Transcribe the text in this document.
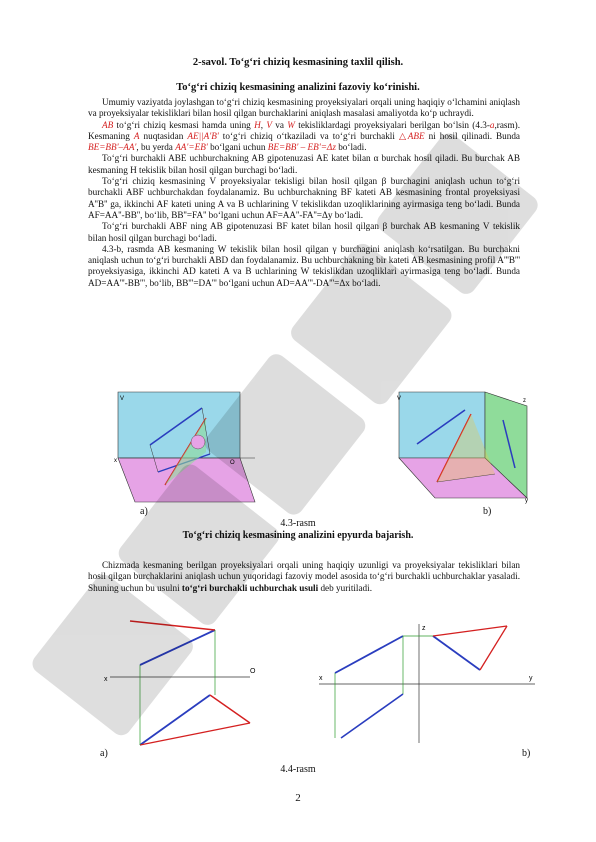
2-savol. To‘g‘ri chiziq kesmasining taxlil qilish.
To‘g‘ri chiziq kesmasining analizini fazoviy ko‘rinishi.

Umumiy vaziyatda joylashgan to‘g‘ri chiziq kesmasining proyeksiyalari orqali uning haqiqiy o‘lchamini aniqlash va proyeksiyalar tekisliklari bilan hosil qilgan burchaklarini aniqlash masalasi amaliyotda ko‘p uchraydi.

AB to‘g‘ri chiziq kesmasi hamda uning H, V va W tekisliklardagi proyeksiyalari berilgan bo‘lsin (4.3-a,rasm). Kesmaning A nuqtasidan AE||A'B' to‘g‘ri chiziq o‘tkaziladi va to‘g‘ri burchakli △ABE ni hosil qilinadi. Bunda BE=BB'–AA', bu yerda AA'=EB' bo‘lgani uchun BE=BB' – EB'=Δz bo‘ladi.

To‘g‘ri burchakli ABE uchburchakning AB gipotenuzasi AE katet bilan α burchak hosil qiladi. Bu burchak AB kesmaning H tekislik bilan hosil qilgan burchagi bo‘ladi.

To‘g‘ri chiziq kesmasining V proyeksiyalar tekisligi bilan hosil qilgan β burchagini aniqlash uchun to‘g‘ri burchakli ABF uchburchakdan foydalanamiz. Bu uchburchakning BF kateti AB kesmasining frontal proyeksiyasi A''B'' ga, ikkinchi AF kateti uning A va B uchlarining V tekislikdan uzoqliklarining ayirmasiga teng bo‘ladi. Bunda AF=AA''-BB'', bo‘lib, BB''=FA'' bo‘lgani uchun AF=AA''-FA''=Δy bo‘ladi.

To‘g‘ri burchakli ABF ning AB gipotenuzasi BF katet bilan hosil qilgan β burchak AB kesmaning V tekislik bilan hosil qilgan burchagi bo‘ladi.

4.3-b, rasmda AB kesmaning W tekislik bilan hosil qilgan γ burchagini aniqlash ko‘rsatilgan. Bu burchakni aniqlash uchun to‘g‘ri burchakli ABD dan foydalanamiz. Bu uchburchakning bir kateti AB kesmasining profil A'''B''' proyeksiyasiga, ikkinchi AD kateti A va B uchlarining W tekislikdan uzoqliklari ayirmasiga teng bo‘ladi. Bunda AD=AA'''-BB''', bo‘lib, BB'''=DA''' bo‘lgani uchun AD=AA'''-DA'''=Δx bo‘ladi.

x
V
O
a)
V	z
y
b)
4.3-rasm
To‘g‘ri chiziq kesmasining analizini epyurda bajarish.

Chizmada kesmaning berilgan proyeksiyalari orqali uning haqiqiy uzunligi va proyeksiyalar tekisliklari bilan hosil qilgan burchaklarini aniqlash uchun yuqoridagi fazoviy model asosida to‘g‘ri burchakli uchburchaklar yasaladi. Shuning uchun bu usulni to‘g‘ri burchakli uchburchak usuli deb yuritiladi.

x
O
a)
x	y
z
b)
4.4-rasm
2
